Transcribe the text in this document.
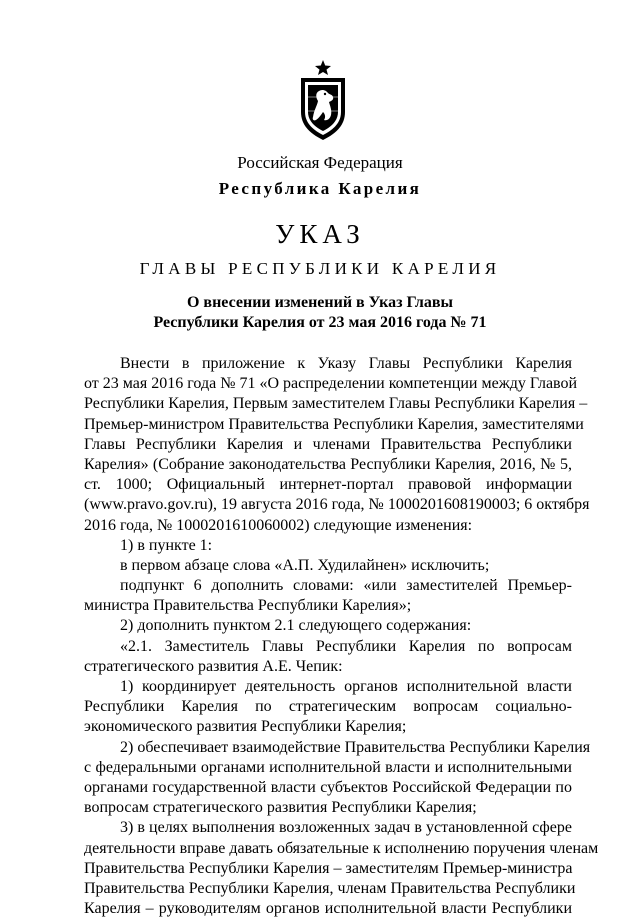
Российская Федерация
Республика Карелия
УКАЗ
ГЛАВЫ РЕСПУБЛИКИ КАРЕЛИЯ
О внесении изменений в Указ Главы
Республики Карелия от 23 мая 2016 года № 71
Внести в приложение к Указу Главы Республики Карелия
от 23 мая 2016 года № 71 «О распределении компетенции между Главой
Республики Карелия, Первым заместителем Главы Республики Карелия –
Премьер-министром Правительства Республики Карелия, заместителями
Главы Республики Карелия и членами Правительства Республики
Карелия» (Собрание законодательства Республики Карелия, 2016, № 5,
ст. 1000; Официальный интернет-портал правовой информации
(www.pravo.gov.ru), 19 августа 2016 года, № 1000201608190003; 6 октября
2016 года, № 1000201610060002) следующие изменения:
1) в пункте 1:
в первом абзаце слова «А.П. Худилайнен» исключить;
подпункт 6 дополнить словами: «или заместителей Премьер-
министра Правительства Республики Карелия»;
2) дополнить пунктом 2.1 следующего содержания:
«2.1. Заместитель Главы Республики Карелия по вопросам
стратегического развития А.Е. Чепик:
1) координирует деятельность органов исполнительной власти
Республики Карелия по стратегическим вопросам социально-
экономического развития Республики Карелия;
2) обеспечивает взаимодействие Правительства Республики Карелия
с федеральными органами исполнительной власти и исполнительными
органами государственной власти субъектов Российской Федерации по
вопросам стратегического развития Республики Карелия;
3) в целях выполнения возложенных задач в установленной сфере
деятельности вправе давать обязательные к исполнению поручения членам
Правительства Республики Карелия – заместителям Премьер-министра
Правительства Республики Карелия, членам Правительства Республики
Карелия – руководителям органов исполнительной власти Республики
